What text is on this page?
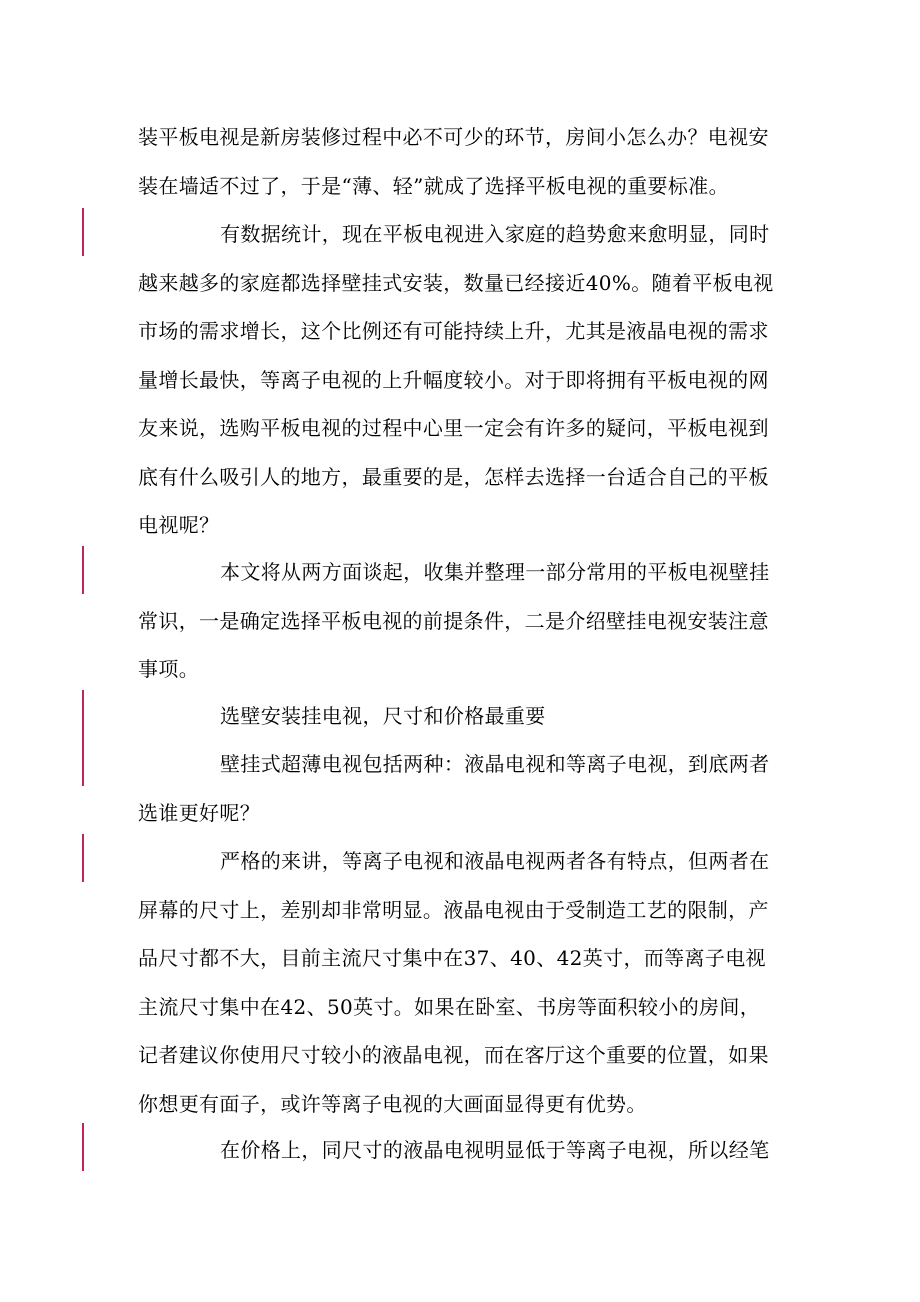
装平板电视是新房装修过程中必不可少的环节，房间小怎么办？电视安装在墙适不过了，于是“薄、轻”就成了选择平板电视的重要标准。

有数据统计，现在平板电视进入家庭的趋势愈来愈明显，同时越来越多的家庭都选择壁挂式安装，数量已经接近40%。随着平板电视市场的需求增长，这个比例还有可能持续上升，尤其是液晶电视的需求量增长最快，等离子电视的上升幅度较小。对于即将拥有平板电视的网友来说，选购平板电视的过程中心里一定会有许多的疑问，平板电视到底有什么吸引人的地方，最重要的是，怎样去选择一台适合自己的平板电视呢？

本文将从两方面谈起，收集并整理一部分常用的平板电视壁挂常识，一是确定选择平板电视的前提条件，二是介绍壁挂电视安装注意事项。

选壁安装挂电视，尺寸和价格最重要

壁挂式超薄电视包括两种：液晶电视和等离子电视，到底两者选谁更好呢？

严格的来讲，等离子电视和液晶电视两者各有特点，但两者在屏幕的尺寸上，差别却非常明显。液晶电视由于受制造工艺的限制，产品尺寸都不大，目前主流尺寸集中在37、40、42英寸，而等离子电视主流尺寸集中在42、50英寸。如果在卧室、书房等面积较小的房间，记者建议你使用尺寸较小的液晶电视，而在客厅这个重要的位置，如果你想更有面子，或许等离子电视的大画面显得更有优势。

在价格上，同尺寸的液晶电视明显低于等离子电视，所以经笔
